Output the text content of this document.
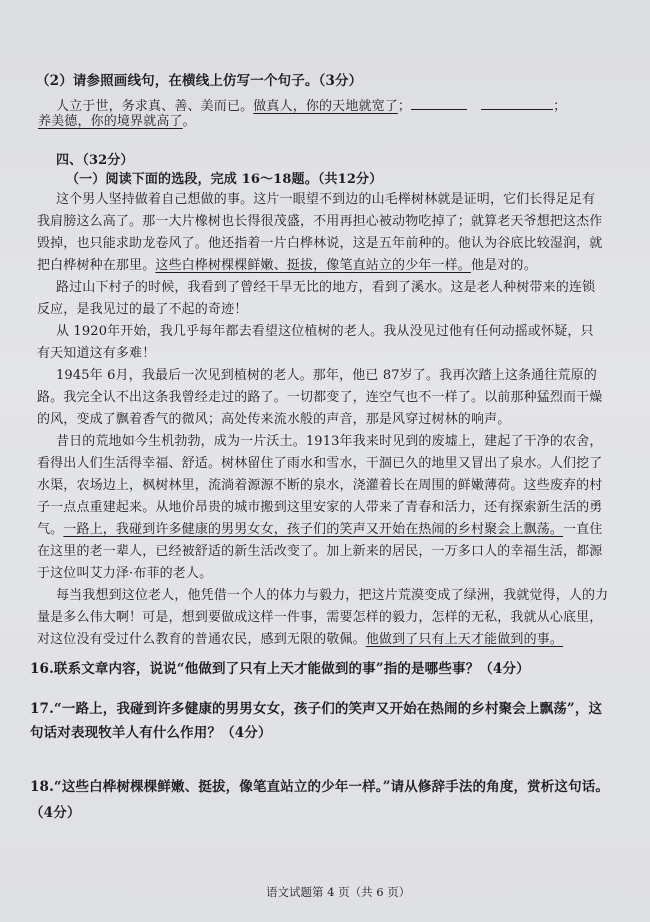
（2）请参照画线句，在横线上仿写一个句子。（3分）
人立于世，务求真、善、美而已。做真人，你的天地就宽了；	；
养美德，你的境界就高了。
四、（32分）
（一）阅读下面的选段，完成 16～18题。（共12分）
这个男人坚持做着自己想做的事。这片一眼望不到边的山毛榉树林就是证明，它们长得足足有
我肩膀这么高了。那一大片橡树也长得很茂盛，不用再担心被动物吃掉了；就算老天爷想把这杰作
毁掉，也只能求助龙卷风了。他还指着一片白桦林说，这是五年前种的。他认为谷底比较湿润，就
把白桦树种在那里。这些白桦树棵棵鲜嫩、挺拔，像笔直站立的少年一样。他是对的。
路过山下村子的时候，我看到了曾经干旱无比的地方，看到了溪水。这是老人种树带来的连锁
反应，是我见过的最了不起的奇迹！
从 1920年开始，我几乎每年都去看望这位植树的老人。我从没见过他有任何动摇或怀疑，只
有天知道这有多难！
1945年 6月，我最后一次见到植树的老人。那年，他已 87岁了。我再次踏上这条通往荒原的
路。我完全认不出这条我曾经走过的路了。一切都变了，连空气也不一样了。以前那种猛烈而干燥
的风，变成了飘着香气的微风；高处传来流水般的声音，那是风穿过树林的响声。
昔日的荒地如今生机勃勃，成为一片沃土。1913年我来时见到的废墟上，建起了干净的农舍，
看得出人们生活得幸福、舒适。树林留住了雨水和雪水，干涸已久的地里又冒出了泉水。人们挖了
水渠，农场边上，枫树林里，流淌着源源不断的泉水，浇灌着长在周围的鲜嫩薄荷。这些废弃的村
子一点点重建起来。从地价昂贵的城市搬到这里安家的人带来了青春和活力，还有探索新生活的勇
气。一路上，我碰到许多健康的男男女女，孩子们的笑声又开始在热闹的乡村聚会上飘荡。一直住
在这里的老一辈人，已经被舒适的新生活改变了。加上新来的居民，一万多口人的幸福生活，都源
于这位叫艾力泽·布菲的老人。
每当我想到这位老人，他凭借一个人的体力与毅力，把这片荒漠变成了绿洲，我就觉得，人的力
量是多么伟大啊！可是，想到要做成这样一件事，需要怎样的毅力，怎样的无私，我就从心底里，
对这位没有受过什么教育的普通农民，感到无限的敬佩。他做到了只有上天才能做到的事。
16.联系文章内容，说说“他做到了只有上天才能做到的事”指的是哪些事？（4分）
17.“一路上，我碰到许多健康的男男女女，孩子们的笑声又开始在热闹的乡村聚会上飘荡”，这
句话对表现牧羊人有什么作用？（4分）
18.“这些白桦树棵棵鲜嫩、挺拔，像笔直站立的少年一样。”请从修辞手法的角度，赏析这句话。
（4分）
语文试题第 4 页（共 6 页）
